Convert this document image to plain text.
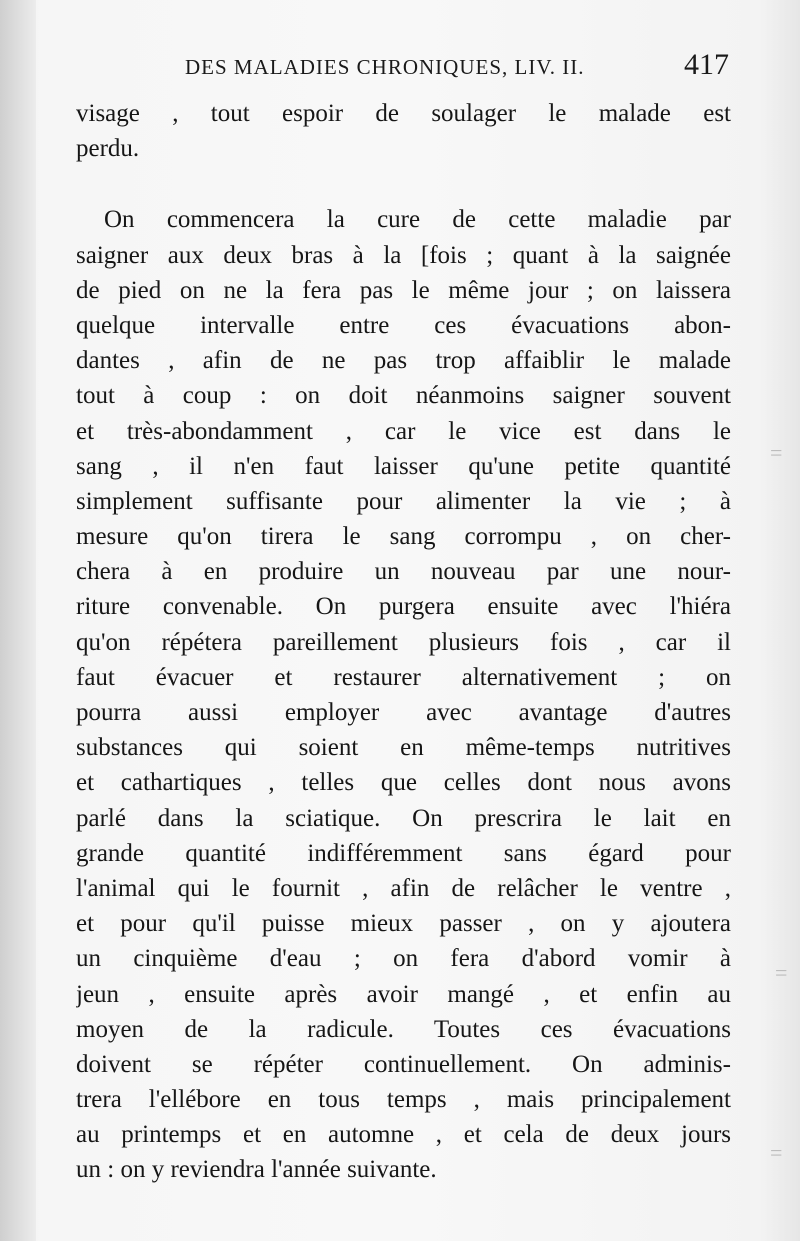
=
=
=
DES MALADIES CHRONIQUES, LIV. II.	417
visage , tout espoir de soulager le malade est
perdu.
On commencera la cure de cette maladie par
saigner aux deux bras à la [fois ; quant à la saignée
de pied on ne la fera pas le même jour ; on laissera
quelque intervalle entre ces évacuations abon-
dantes , afin de ne pas trop affaiblir le malade
tout à coup : on doit néanmoins saigner souvent
et très-abondamment , car le vice est dans le
sang , il n'en faut laisser qu'une petite quantité
simplement suffisante pour alimenter la vie ; à
mesure qu'on tirera le sang corrompu , on cher-
chera à en produire un nouveau par une nour-
riture convenable. On purgera ensuite avec l'hiéra
qu'on répétera pareillement plusieurs fois , car il
faut évacuer et restaurer alternativement ; on
pourra aussi employer avec avantage d'autres
substances qui soient en même-temps nutritives
et cathartiques , telles que celles dont nous avons
parlé dans la sciatique. On prescrira le lait en
grande quantité indifféremment sans égard pour
l'animal qui le fournit , afin de relâcher le ventre ,
et pour qu'il puisse mieux passer , on y ajoutera
un cinquième d'eau ; on fera d'abord vomir à
jeun , ensuite après avoir mangé , et enfin au
moyen de la radicule. Toutes ces évacuations
doivent se répéter continuellement. On adminis-
trera l'ellébore en tous temps , mais principalement
au printemps et en automne , et cela de deux jours
un : on y reviendra l'année suivante.
